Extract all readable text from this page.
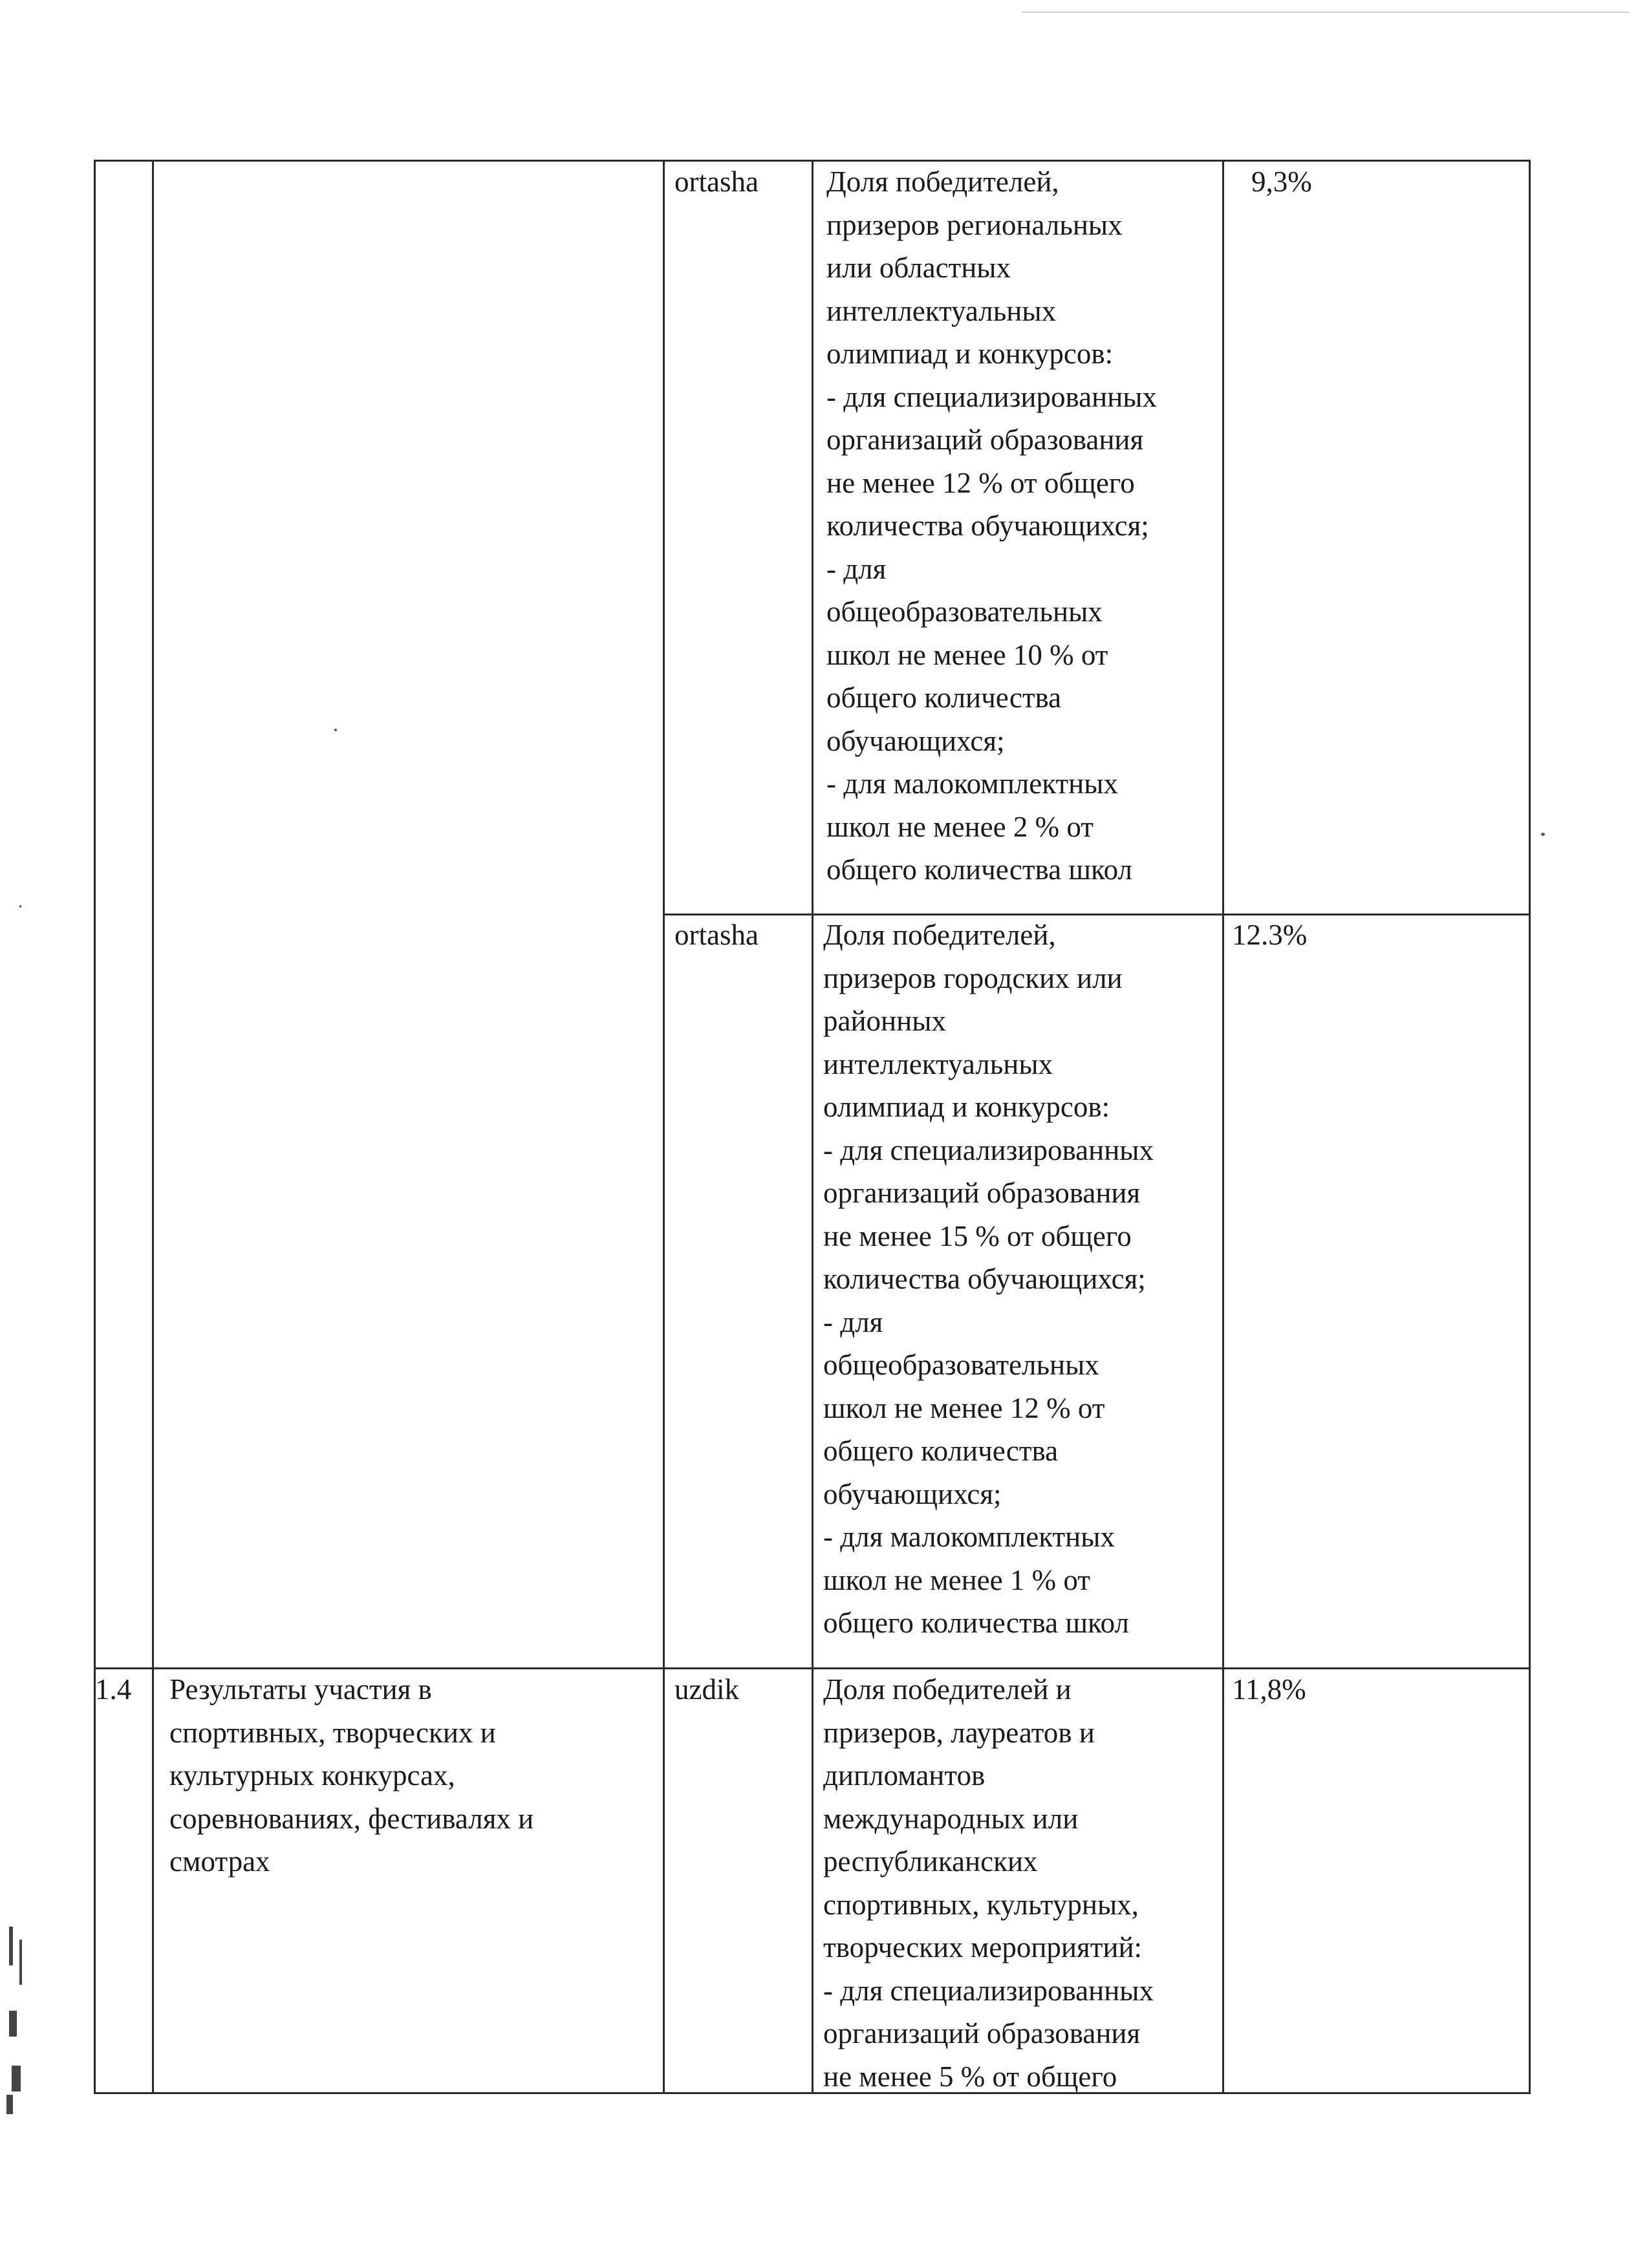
ortasha Доля победителей,
призеров региональных
или областных
интеллектуальных
олимпиад и конкурсов:
- для специализированных
организаций образования
не менее 12 % от общего
количества обучающихся;
- для
общеобразовательных
школ не менее 10 % от
общего количества
обучающихся;
- для малокомплектных
школ не менее 2 % от
общего количества школ

9,3%

ortasha Доля победителей,
призеров городских или
районных
интеллектуальных
олимпиад и конкурсов:
- для специализированных
организаций образования
не менее 15 % от общего
количества обучающихся;
- для
общеобразовательных
школ не менее 12 % от
общего количества
обучающихся;
- для малокомплектных
школ не менее 1 % от
общего количества школ

12.3%

1.4 Результаты участия в
спортивных, творческих и
культурных конкурсах,
соревнованиях, фестивалях и
смотрах

uzdik	Доля победителей и
призеров, лауреатов и
дипломантов
международных или
республиканских
спортивных, культурных,
творческих мероприятий:
- для специализированных
организаций образования
не менее 5 % от общего

11,8%
